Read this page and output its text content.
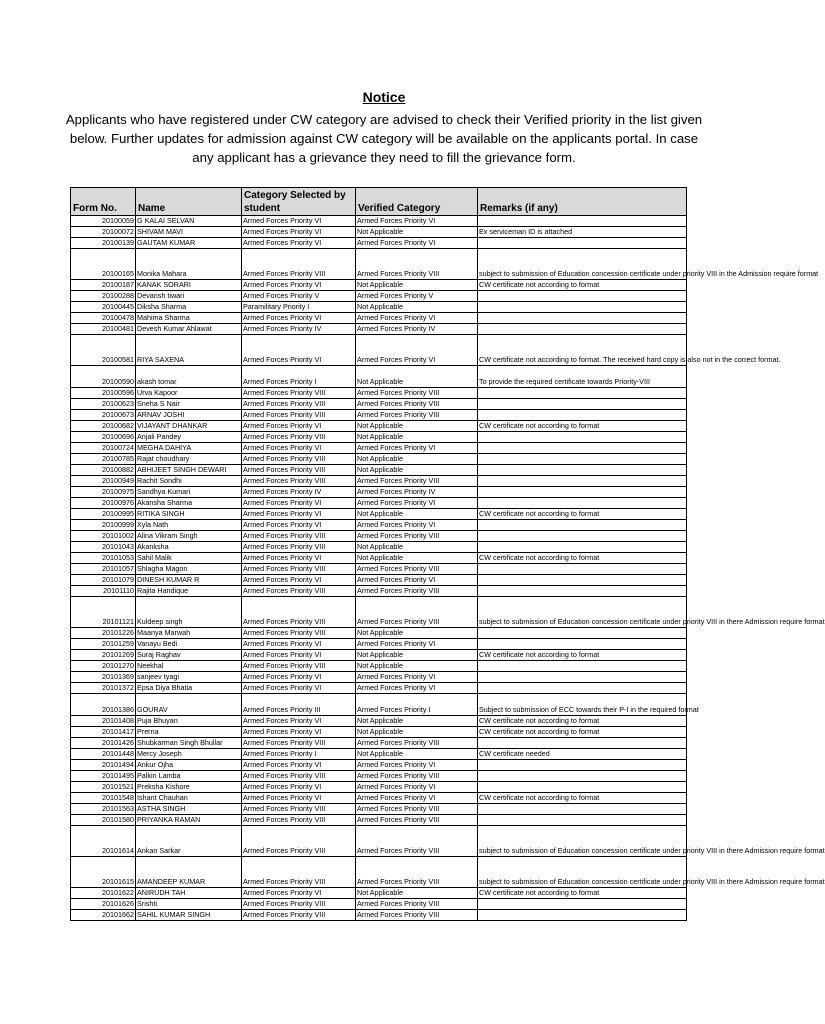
Notice
Applicants who have registered under CW category are advised to check their Verified priority in the list given below. Further updates for admission against CW category will be available on the applicants portal. In case any applicant has a grievance they need to fill the grievance form.
Form No.	Name	Category Selected by student	Verified Category	Remarks (if any)
20100059	G KALAI SELVAN	Armed Forces Priority VI	Armed Forces Priority VI	
20100072	SHIVAM MAVI	Armed Forces Priority VI	Not Applicable	Ex serviceman ID is attached
20100139	GAUTAM KUMAR	Armed Forces Priority VI	Armed Forces Priority VI	
20100165	Monika Mahara	Armed Forces Priority VIII	Armed Forces Priority VIII	subject to submission of Education concession certificate under priority VIII in the Admission require format
20100187	KANAK SORARI	Armed Forces Priority VI	Not Applicable	CW certificate not according to format
20100288	Devansh tiwari	Armed Forces Priority V	Armed Forces Priority V	
20100445	Diksha Sharma	Paramilitary Priority I	Not Applicable	
20100478	Mahima Sharma	Armed Forces Priority VI	Armed Forces Priority VI	
20100481	Devesh Kumar Ahlawat	Armed Forces Priority IV	Armed Forces Priority IV	
20100581	RIYA SAXENA	Armed Forces Priority VI	Armed Forces Priority VI	CW certificate not according to format. The received hard copy is also not in the correct format.
20100590	akash tomar	Armed Forces Priority I	Not Applicable	To provide the required certificate towards Priority-VIII
20100596	Urva Kapoor	Armed Forces Priority VIII	Armed Forces Priority VIII	
20100623	Sneha S Nair	Armed Forces Priority VIII	Armed Forces Priority VIII	
20100673	ARNAV JOSHI	Armed Forces Priority VIII	Armed Forces Priority VIII	
20100682	VIJAYANT DHANKAR	Armed Forces Priority VI	Not Applicable	CW certificate not according to format
20100696	Anjali Pandey	Armed Forces Priority VIII	Not Applicable	
20100724	MEGHA DAHIYA	Armed Forces Priority VI	Armed Forces Priority VI	
20100785	Rajat choudhary	Armed Forces Priority VIII	Not Applicable	
20100882	ABHIJEET SINGH DEWARI	Armed Forces Priority VIII	Not Applicable	
20100949	Rachit Sondhi	Armed Forces Priority VIII	Armed Forces Priority VIII	
20100975	Sandhya Kumari	Armed Forces Priority IV	Armed Forces Priority IV	
20100976	Akansha Sharma	Armed Forces Priority VI	Armed Forces Priority VI	
20100995	RITIKA SINGH	Armed Forces Priority VI	Not Applicable	CW certificate not according to format
20100999	Xyla Nath	Armed Forces Priority VI	Armed Forces Priority VI	
20101002	Alina Vikram Singh	Armed Forces Priority VIII	Armed Forces Priority VIII	
20101043	Akanksha	Armed Forces Priority VIII	Not Applicable	
20101053	Sahil Malik	Armed Forces Priority VI	Not Applicable	CW certificate not according to format
20101057	Shlagha Magon	Armed Forces Priority VIII	Armed Forces Priority VIII	
20101079	DINESH KUMAR R	Armed Forces Priority VI	Armed Forces Priority VI	
20101110	Rajita Handique	Armed Forces Priority VIII	Armed Forces Priority VIII	
20101121	Kuldeep singh	Armed Forces Priority VIII	Armed Forces Priority VIII	subject to submission of Education concession certificate under priority VIII in there Admission require format
20101226	Maanya Marwah	Armed Forces Priority VIII	Not Applicable	
20101259	Vanayu Bedi	Armed Forces Priority VI	Armed Forces Priority VI	
20101269	Suraj Raghav	Armed Forces Priority VI	Not Applicable	CW certificate not according to format
20101270	Neekhal	Armed Forces Priority VIII	Not Applicable	
20101369	sanjeev tyagi	Armed Forces Priority VI	Armed Forces Priority VI	
20101372	Epsa Diya Bhatia	Armed Forces Priority VI	Armed Forces Priority VI	
20101386	GOURAV	Armed Forces Priority III	Armed Forces Priority I	Subject to submission of ECC towards their P-I in the required format
20101408	Puja Bhuyan	Armed Forces Priority VI	Not Applicable	CW certificate not according to format
20101417	Prerna	Armed Forces Priority VI	Not Applicable	CW certificate not according to format
20101426	Shubkarman Singh Bhullar	Armed Forces Priority VIII	Armed Forces Priority VIII	
20101448	Mercy Joseph	Armed Forces Priority I	Not Applicable	CW certificate needed
20101494	Ankur Ojha	Armed Forces Priority VI	Armed Forces Priority VI	
20101495	Palkin Lamba	Armed Forces Priority VIII	Armed Forces Priority VIII	
20101521	Preksha Kishore	Armed Forces Priority VI	Armed Forces Priority VI	
20101548	Ishant Chauhan	Armed Forces Priority VI	Armed Forces Priority VI	CW certificate not according to format
20101563	ASTHA SINGH	Armed Forces Priority VIII	Armed Forces Priority VIII	
20101580	PRIYANKA RAMAN	Armed Forces Priority VIII	Armed Forces Priority VIII	
20101614	Ankan Sarkar	Armed Forces Priority VIII	Armed Forces Priority VIII	subject to submission of Education concession certificate under priority VIII in there Admission require format
20101615	AMANDEEP KUMAR	Armed Forces Priority VIII	Armed Forces Priority VIII	subject to submission of Education concession certificate under priority VIII in there Admission require format
20101622	ANIRUDH TAH	Armed Forces Priority VI	Not Applicable	CW certificate not according to format
20101626	Srishti	Armed Forces Priority VIII	Armed Forces Priority VIII	
20101662	SAHIL KUMAR SINGH	Armed Forces Priority VIII	Armed Forces Priority VIII	
